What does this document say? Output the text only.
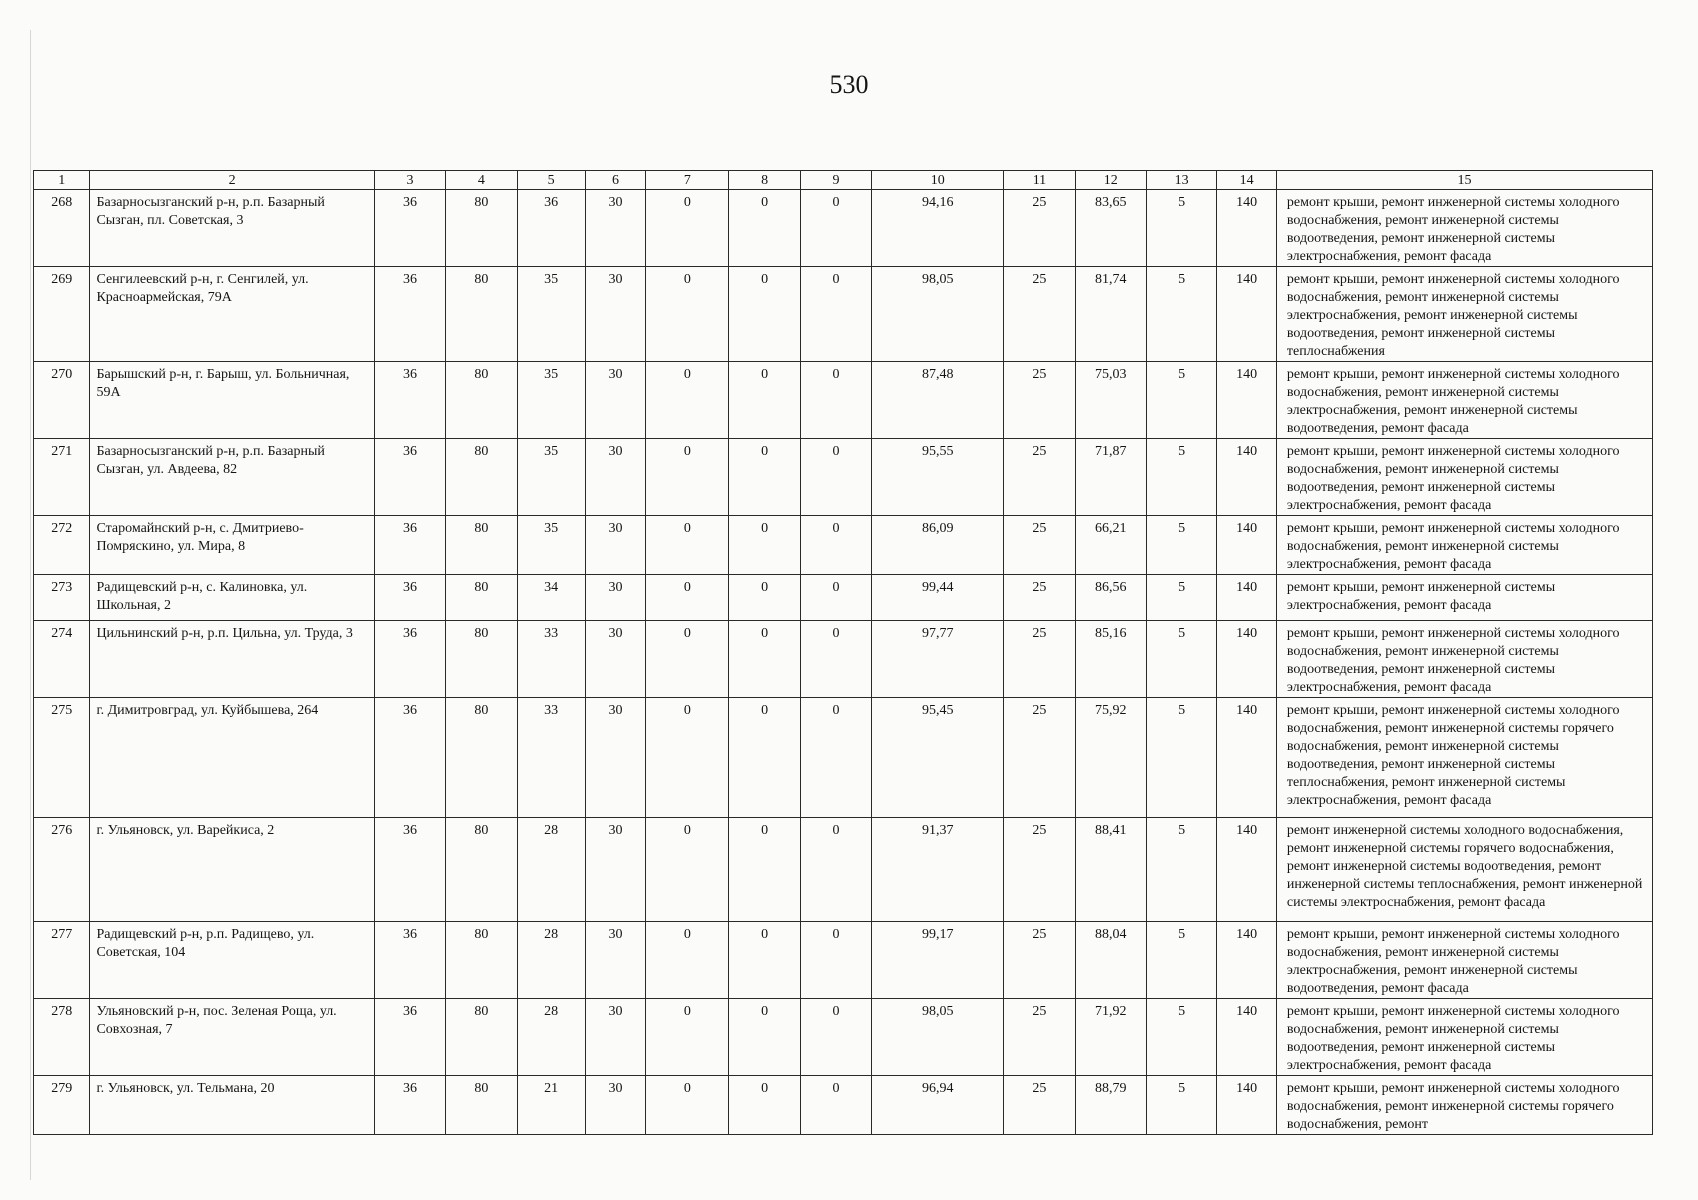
530
1	2	3	4	5	6	7	8	9	10	11	12	13	14	15
268	Базарносызганский р-н, р.п. Базарный Сызган, пл. Советская, 3	36	80	36	30	0	0	0	94,16	25	83,65	5	140	ремонт крыши, ремонт инженерной системы холодного водоснабжения, ремонт инженерной системы водоотведения, ремонт инженерной системы электроснабжения, ремонт фасада
269	Сенгилеевский р-н, г. Сенгилей, ул. Красноармейская, 79А	36	80	35	30	0	0	0	98,05	25	81,74	5	140	ремонт крыши, ремонт инженерной системы холодного водоснабжения, ремонт инженерной системы электроснабжения, ремонт инженерной системы водоотведения, ремонт инженерной системы теплоснабжения
270	Барышский р-н, г. Барыш, ул. Больничная, 59А	36	80	35	30	0	0	0	87,48	25	75,03	5	140	ремонт крыши, ремонт инженерной системы холодного водоснабжения, ремонт инженерной системы электроснабжения, ремонт инженерной системы водоотведения, ремонт фасада
271	Базарносызганский р-н, р.п. Базарный Сызган, ул. Авдеева, 82	36	80	35	30	0	0	0	95,55	25	71,87	5	140	ремонт крыши, ремонт инженерной системы холодного водоснабжения, ремонт инженерной системы водоотведения, ремонт инженерной системы электроснабжения, ремонт фасада
272	Старомайнский р-н, с. Дмитриево-Помряскино, ул. Мира, 8	36	80	35	30	0	0	0	86,09	25	66,21	5	140	ремонт крыши, ремонт инженерной системы холодного водоснабжения, ремонт инженерной системы электроснабжения, ремонт фасада
273	Радищевский р-н, с. Калиновка, ул. Школьная, 2	36	80	34	30	0	0	0	99,44	25	86,56	5	140	ремонт крыши, ремонт инженерной системы электроснабжения, ремонт фасада
274	Цильнинский р-н, р.п. Цильна, ул. Труда, 3	36	80	33	30	0	0	0	97,77	25	85,16	5	140	ремонт крыши, ремонт инженерной системы холодного водоснабжения, ремонт инженерной системы водоотведения, ремонт инженерной системы электроснабжения, ремонт фасада
275	г. Димитровград, ул. Куйбышева, 264	36	80	33	30	0	0	0	95,45	25	75,92	5	140	ремонт крыши, ремонт инженерной системы холодного водоснабжения, ремонт инженерной системы горячего водоснабжения, ремонт инженерной системы водоотведения, ремонт инженерной системы теплоснабжения, ремонт инженерной системы электроснабжения, ремонт фасада
276	г. Ульяновск, ул. Варейкиса, 2	36	80	28	30	0	0	0	91,37	25	88,41	5	140	ремонт инженерной системы холодного водоснабжения, ремонт инженерной системы горячего водоснабжения, ремонт инженерной системы водоотведения, ремонт инженерной системы теплоснабжения, ремонт инженерной системы электроснабжения, ремонт фасада
277	Радищевский р-н, р.п. Радищево, ул. Советская, 104	36	80	28	30	0	0	0	99,17	25	88,04	5	140	ремонт крыши, ремонт инженерной системы холодного водоснабжения, ремонт инженерной системы электроснабжения, ремонт инженерной системы водоотведения, ремонт фасада
278	Ульяновский р-н, пос. Зеленая Роща, ул. Совхозная, 7	36	80	28	30	0	0	0	98,05	25	71,92	5	140	ремонт крыши, ремонт инженерной системы холодного водоснабжения, ремонт инженерной системы водоотведения, ремонт инженерной системы электроснабжения, ремонт фасада
279	г. Ульяновск, ул. Тельмана, 20	36	80	21	30	0	0	0	96,94	25	88,79	5	140	ремонт крыши, ремонт инженерной системы холодного водоснабжения, ремонт инженерной системы горячего водоснабжения, ремонт
